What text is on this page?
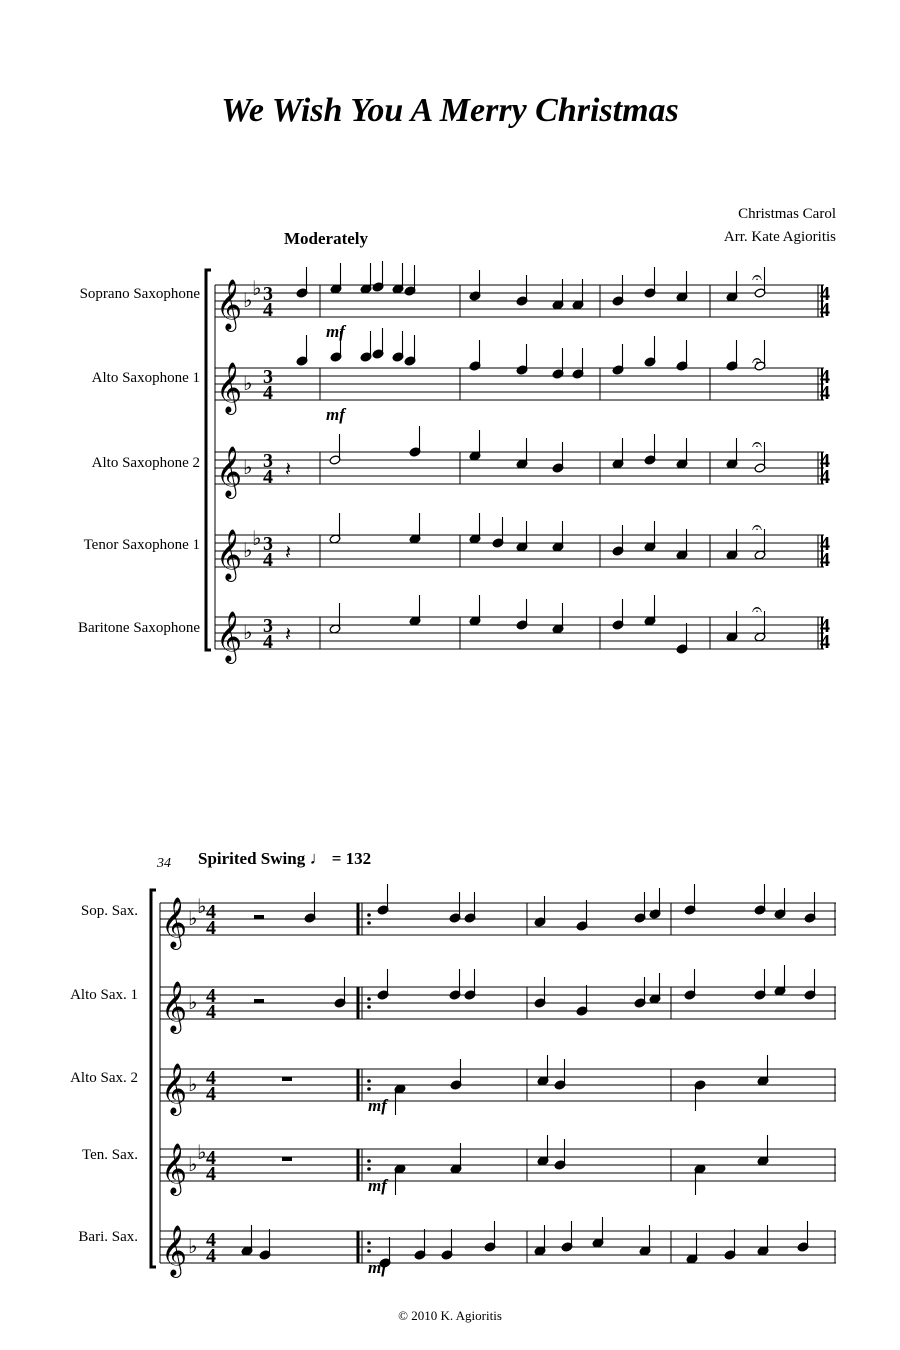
We Wish You A Merry Christmas
Christmas Carol
Arr. Kate Agioritis
Moderately
34 Spirited Swing ♩ = 132
Soprano Saxophone
Alto Saxophone 1
Alto Saxophone 2
Tenor Saxophone 1
Baritone Saxophone
Sop. Sax.
Alto Sax. 1
Alto Sax. 2
Ten. Sax.
Bari. Sax.
© 2010 K. Agioritis
𝄞 ♭
♭ 3
4
4
4
𝄞 ♭ 3
4
4
4
𝄞 ♭ 3
4
4
4
𝄞 ♭
♭ 3
4
4
4
𝄞 ♭ 3
4
4
4
mf
mf
𝄽
𝄽
𝄽
𝄐
𝄐
𝄐
𝄐
𝄐
𝄞 ♭
♭ 4
4
𝄞 ♭ 4
4
𝄞 ♭ 4
4
𝄞 ♭
♭ 4
4
𝄞 ♭ 4
4
mf
mf
mf
